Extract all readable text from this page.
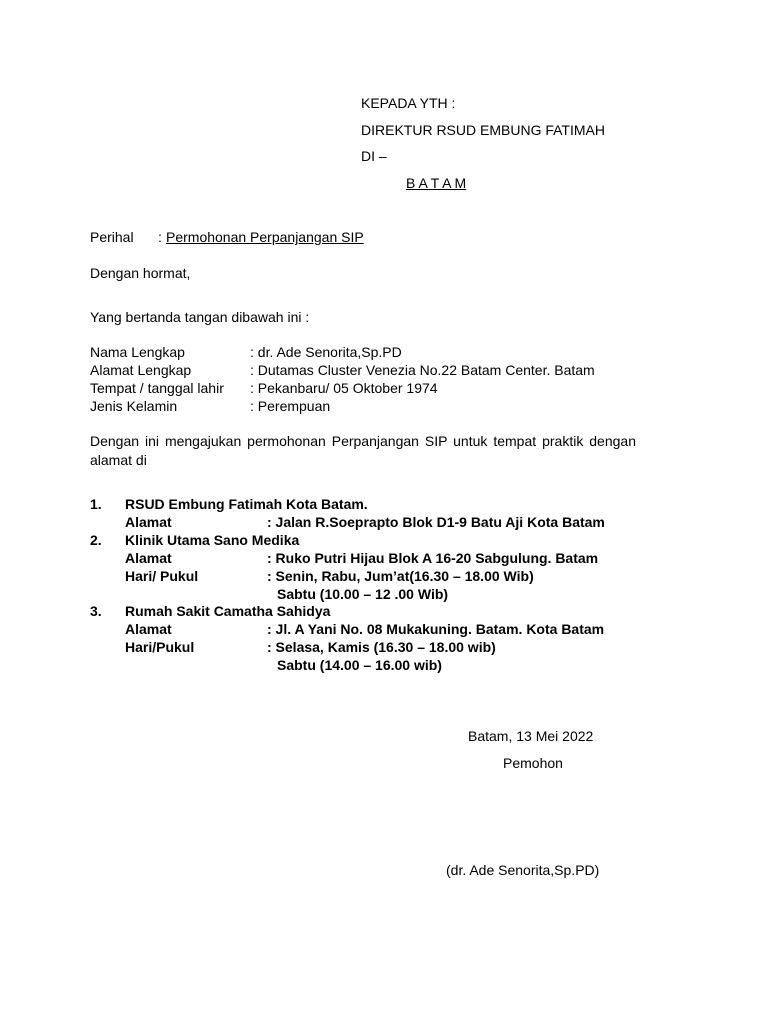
KEPADA YTH :
DIREKTUR RSUD EMBUNG FATIMAH
DI –
B A T A M
Perihal : Permohonan Perpanjangan SIP
Dengan hormat,
Yang bertanda tangan dibawah ini :
Nama Lengkap	: dr. Ade Senorita,Sp.PD
Alamat Lengkap	: Dutamas Cluster Venezia No.22 Batam Center. Batam
Tempat / tanggal lahir : Pekanbaru/ 05 Oktober 1974
Jenis Kelamin	: Perempuan
Dengan ini mengajukan permohonan Perpanjangan SIP untuk tempat praktik dengan alamat di
1. RSUD Embung Fatimah Kota Batam.
Alamat	: Jalan R.Soeprapto Blok D1-9 Batu Aji Kota Batam
2. Klinik Utama Sano Medika
Alamat	: Ruko Putri Hijau Blok A 16-20 Sabgulung. Batam
Hari/ Pukul	: Senin, Rabu, Jum’at(16.30 – 18.00 Wib)
Sabtu (10.00 – 12 .00 Wib)
3. Rumah Sakit Camatha Sahidya
Alamat	: Jl. A Yani No. 08 Mukakuning. Batam. Kota Batam
Hari/Pukul	: Selasa, Kamis (16.30 – 18.00 wib)
Sabtu (14.00 – 16.00 wib)
Batam, 13 Mei 2022
Pemohon
(dr. Ade Senorita,Sp.PD)
